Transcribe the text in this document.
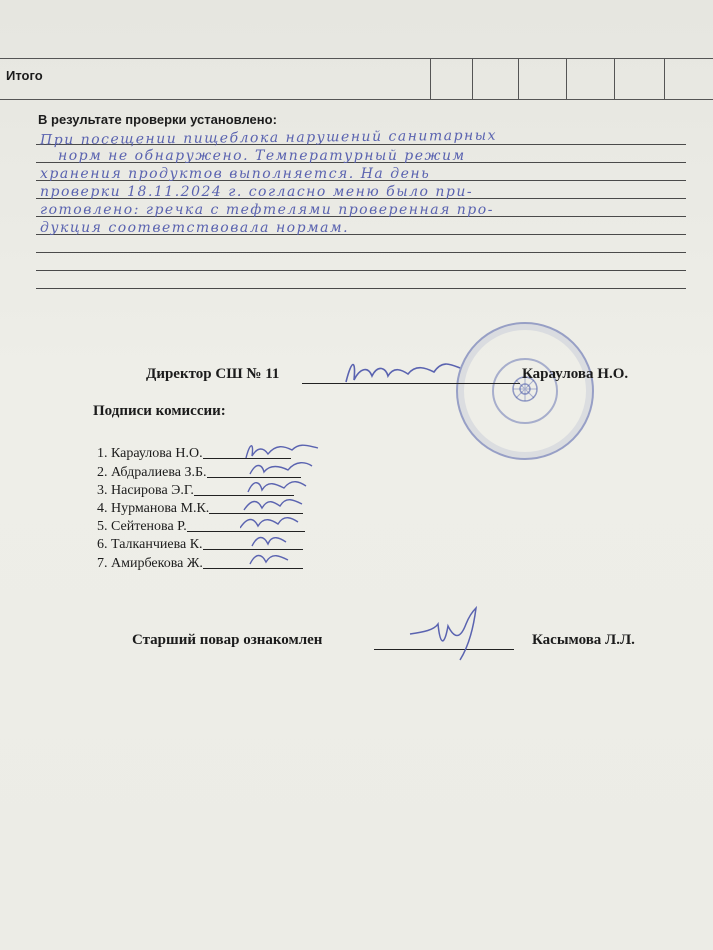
Итого
В результате проверки установлено:
При посещении пищеблока нарушений санитарных
норм не обнаружено. Температурный режим
хранения продуктов выполняется. На день
проверки 18.11.2024 г. согласно меню было при-
готовлено: гречка с тефтелями проверенная про-
дукция соответствовала нормам.
Директор СШ № 11	Караулова Н.О.
Подписи комиссии:
1. Караулова Н.О.
2. Абдралиева З.Б.
3. Насирова Э.Г.
4. Нурманова М.К.
5. Сейтенова Р.
6. Талканчиева К.
7. Амирбекова Ж.
Старший повар ознакомлен	Касымова Л.Л.
